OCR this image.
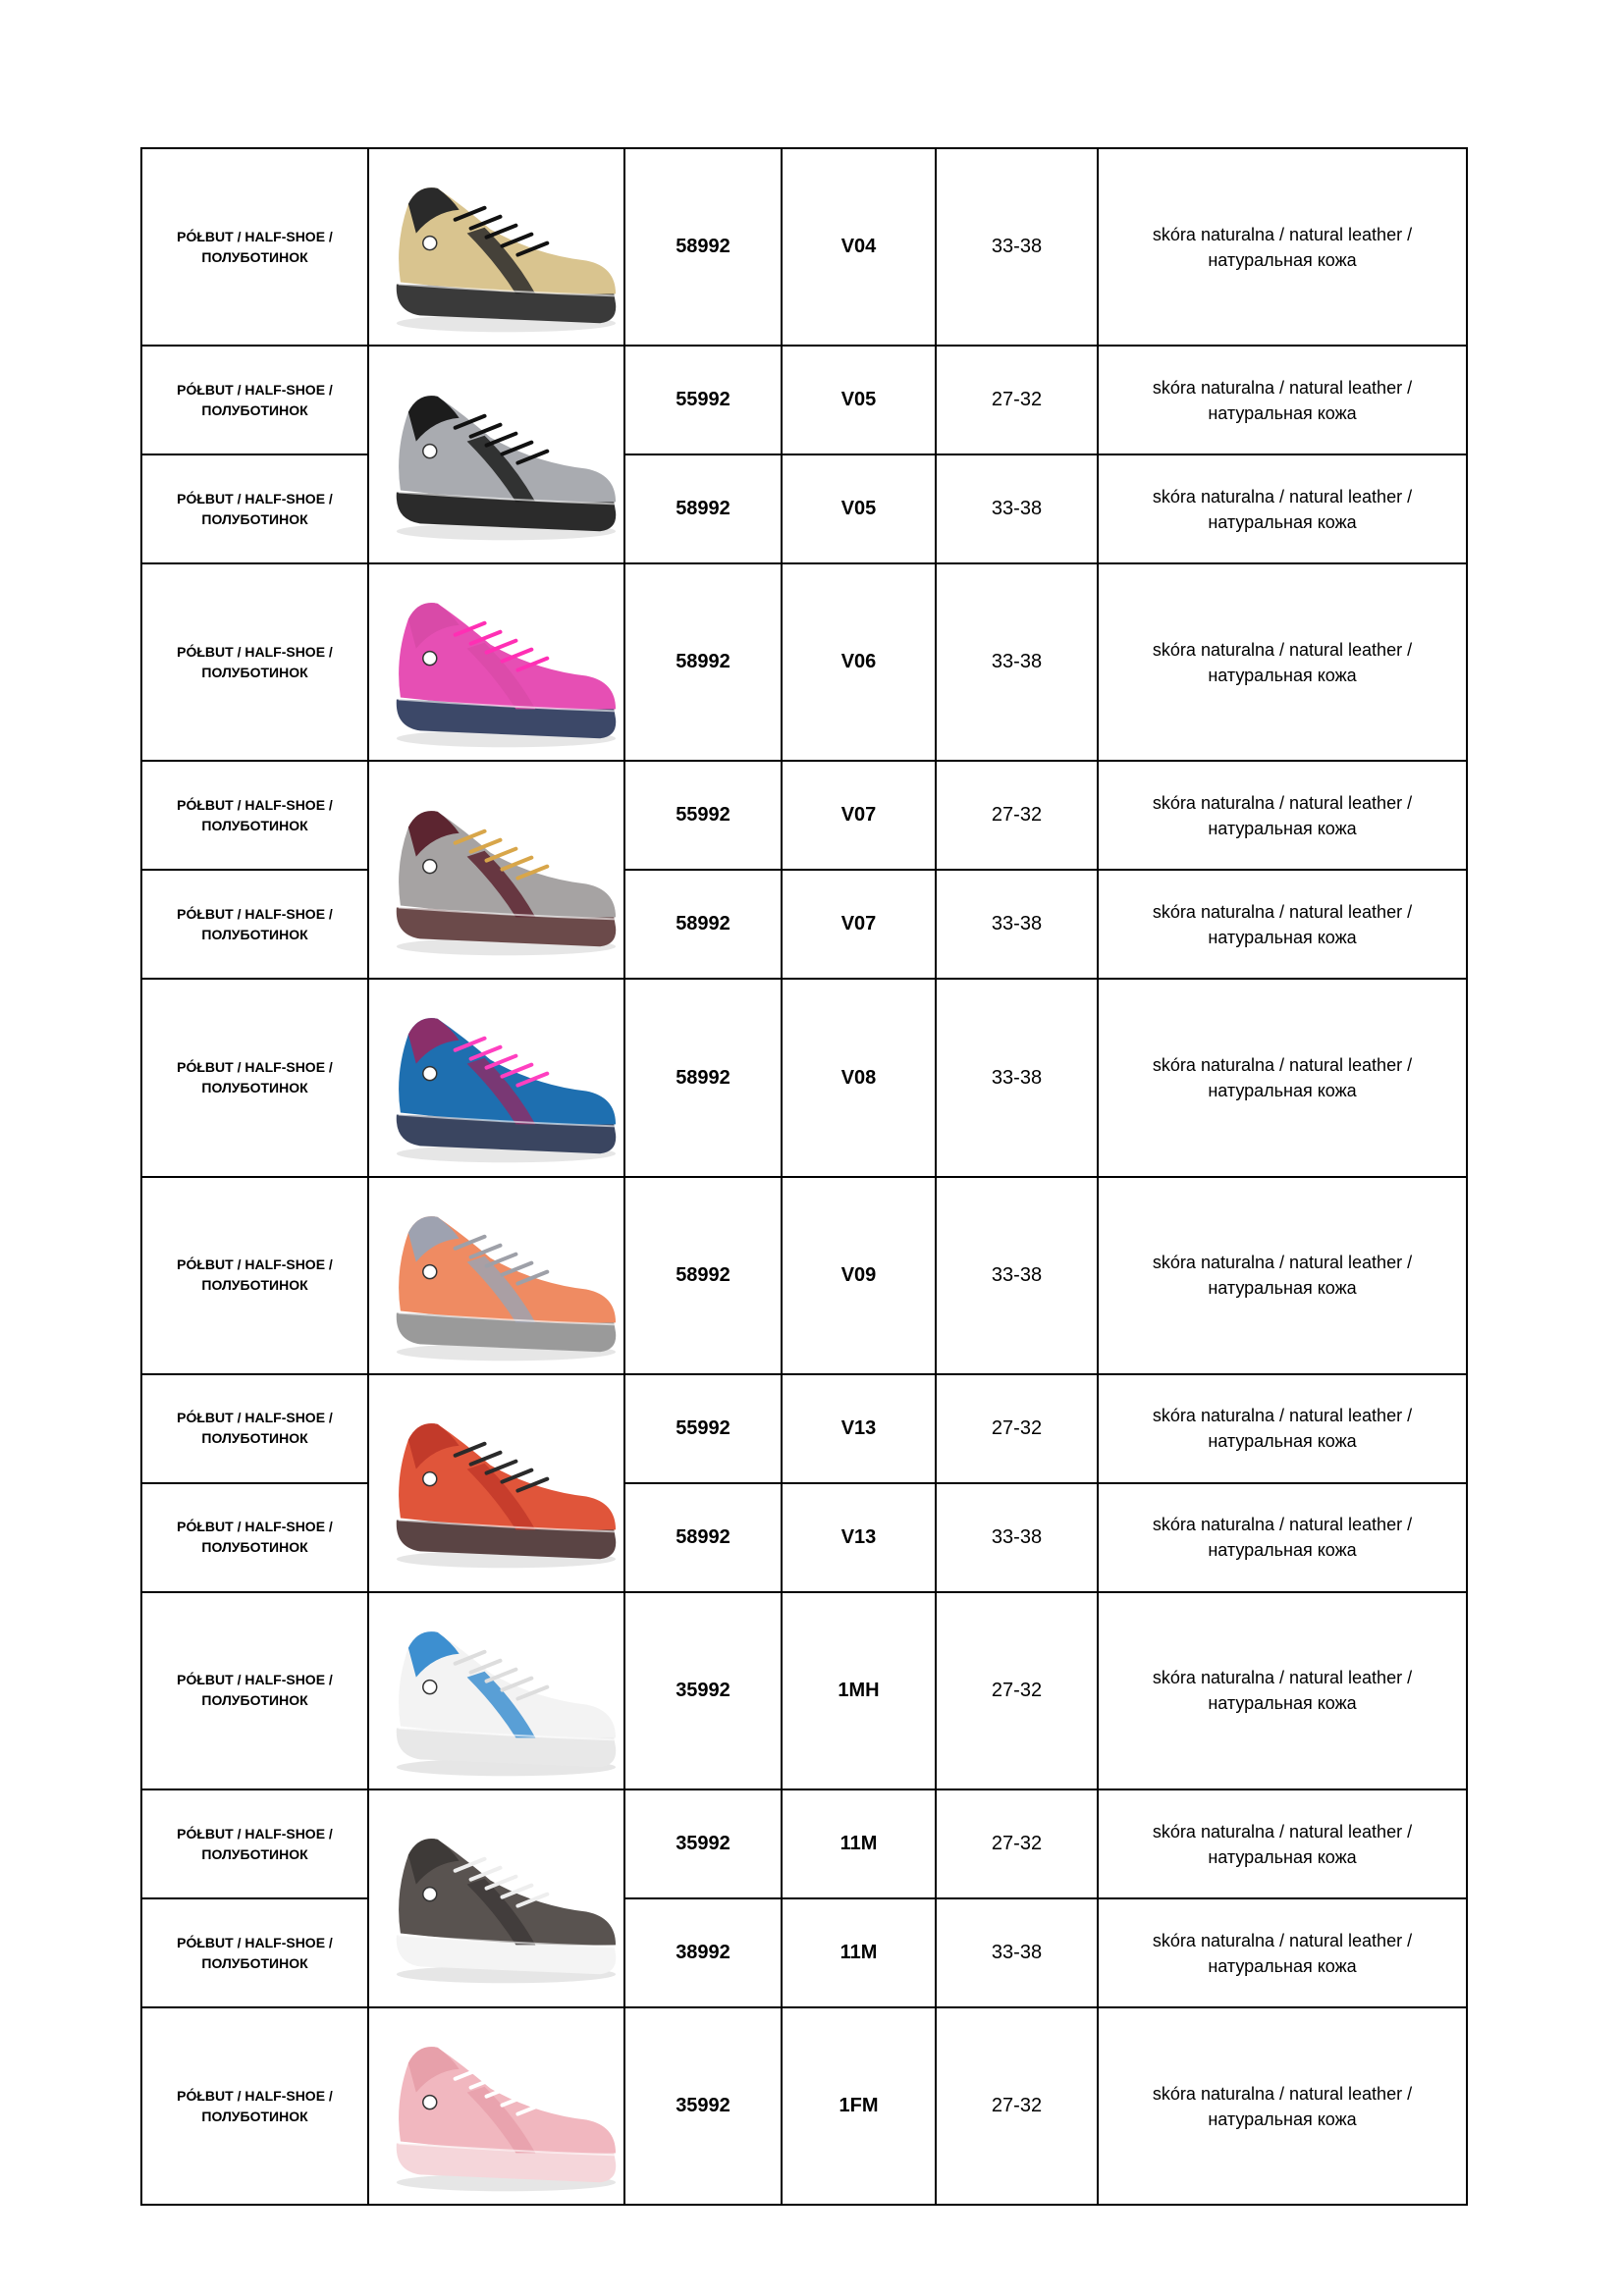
PÓŁBUT / HALF-SHOE / ПОЛУБОТИНОК		58992	V04	33-38	skóra naturalna / natural leather / натуральная кожа
PÓŁBUT / HALF-SHOE / ПОЛУБОТИНОК		55992	V05	27-32	skóra naturalna / natural leather / натуральная кожа
PÓŁBUT / HALF-SHOE / ПОЛУБОТИНОК		58992	V05	33-38	skóra naturalna / natural leather / натуральная кожа
PÓŁBUT / HALF-SHOE / ПОЛУБОТИНОК		58992	V06	33-38	skóra naturalna / natural leather / натуральная кожа
PÓŁBUT / HALF-SHOE / ПОЛУБОТИНОК		55992	V07	27-32	skóra naturalna / natural leather / натуральная кожа
PÓŁBUT / HALF-SHOE / ПОЛУБОТИНОК		58992	V07	33-38	skóra naturalna / natural leather / натуральная кожа
PÓŁBUT / HALF-SHOE / ПОЛУБОТИНОК		58992	V08	33-38	skóra naturalna / natural leather / натуральная кожа
PÓŁBUT / HALF-SHOE / ПОЛУБОТИНОК		58992	V09	33-38	skóra naturalna / natural leather / натуральная кожа
PÓŁBUT / HALF-SHOE / ПОЛУБОТИНОК		55992	V13	27-32	skóra naturalna / natural leather / натуральная кожа
PÓŁBUT / HALF-SHOE / ПОЛУБОТИНОК		58992	V13	33-38	skóra naturalna / natural leather / натуральная кожа
PÓŁBUT / HALF-SHOE / ПОЛУБОТИНОК		35992	1MH	27-32	skóra naturalna / natural leather / натуральная кожа
PÓŁBUT / HALF-SHOE / ПОЛУБОТИНОК		35992	11M	27-32	skóra naturalna / natural leather / натуральная кожа
PÓŁBUT / HALF-SHOE / ПОЛУБОТИНОК		38992	11M	33-38	skóra naturalna / natural leather / натуральная кожа
PÓŁBUT / HALF-SHOE / ПОЛУБОТИНОК		35992	1FM	27-32	skóra naturalna / natural leather / натуральная кожа
